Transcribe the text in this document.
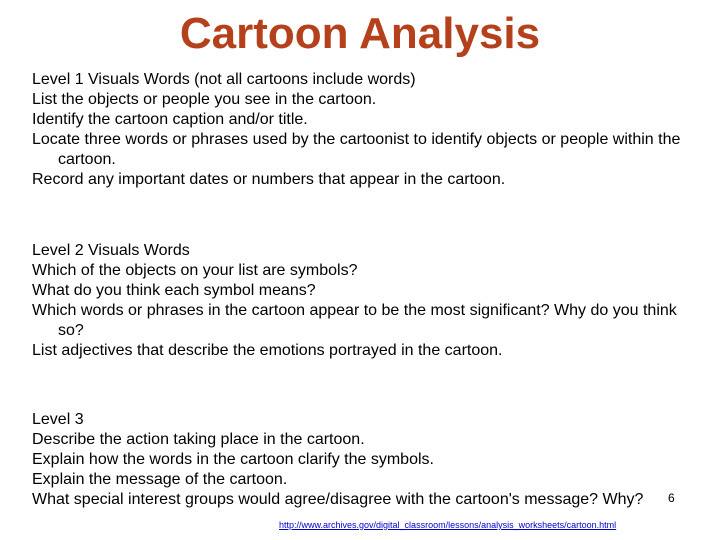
Cartoon Analysis
Level 1 Visuals Words (not all cartoons include words)
List the objects or people you see in the cartoon.
Identify the cartoon caption and/or title.
Locate three words or phrases used by the cartoonist to identify objects or people within the cartoon.
Record any important dates or numbers that appear in the cartoon.
Level 2 Visuals Words
Which of the objects on your list are symbols?
What do you think each symbol means?
Which words or phrases in the cartoon appear to be the most significant? Why do you think so?
List adjectives that describe the emotions portrayed in the cartoon.
Level 3
Describe the action taking place in the cartoon.
Explain how the words in the cartoon clarify the symbols.
Explain the message of the cartoon.
What special interest groups would agree/disagree with the cartoon's message? Why?	6
http://www.archives.gov/digital_classroom/lessons/analysis_worksheets/cartoon.html
